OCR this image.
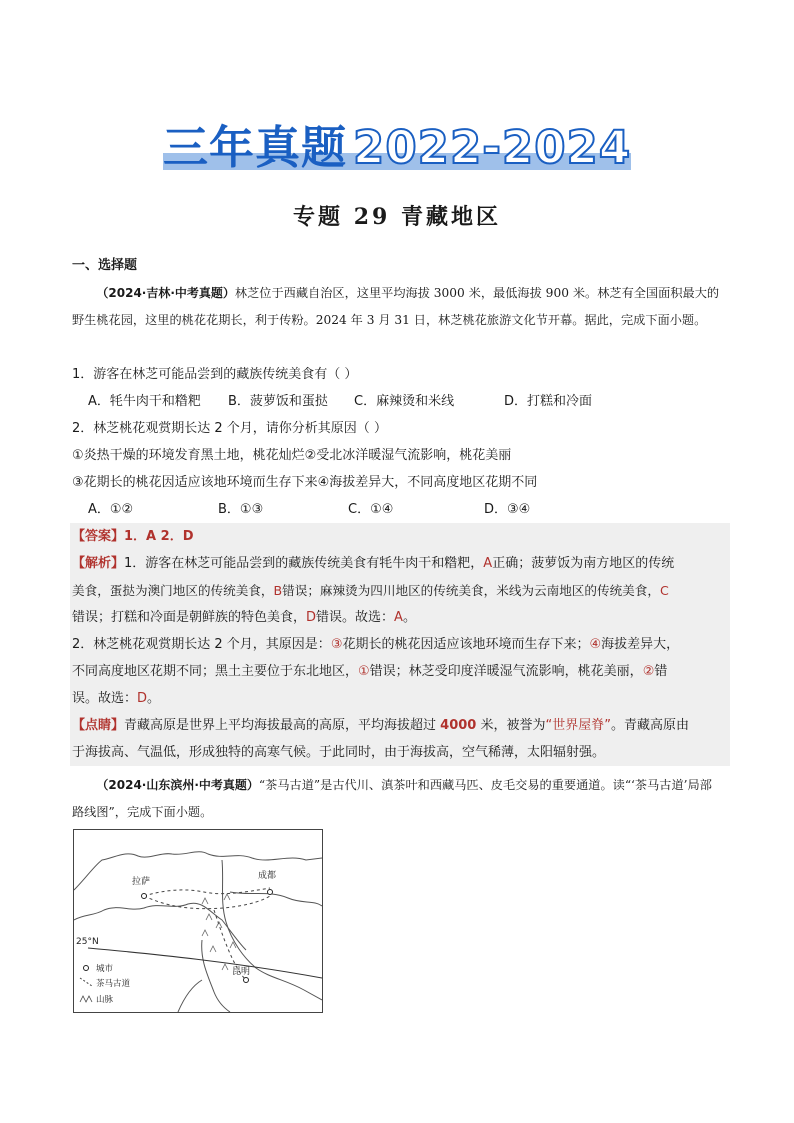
三年真题 2022-2024
专题 29 青藏地区
一、选择题
（2024·吉林·中考真题）林芝位于西藏自治区，这里平均海拔 3000 米，最低海拔 900 米。林芝有全国面积最大的野生桃花园，这里的桃花花期长，利于传粉。2024 年 3 月 31 日，林芝桃花旅游文化节开幕。据此，完成下面小题。
1．游客在林芝可能品尝到的藏族传统美食有（ ）
A．牦牛肉干和糌粑 B．菠萝饭和蛋挞 C．麻辣烫和米线	D．打糕和冷面
2．林芝桃花观赏期长达 2 个月，请你分析其原因（ ）
①炎热干燥的环境发育黑土地，桃花灿烂②受北冰洋暖湿气流影响，桃花美丽
③花期长的桃花因适应该地环境而生存下来④海拔差异大，不同高度地区花期不同
A．①②	B．①③	C．①④	D．③④
【答案】1．A 2．D
【解析】1．游客在林芝可能品尝到的藏族传统美食有牦牛肉干和糌粑，A正确；菠萝饭为南方地区的传统
美食，蛋挞为澳门地区的传统美食，B错误；麻辣烫为四川地区的传统美食，米线为云南地区的传统美食，C
错误；打糕和冷面是朝鲜族的特色美食，D错误。故选：A。
2．林芝桃花观赏期长达 2 个月，其原因是：③花期长的桃花因适应该地环境而生存下来；④海拔差异大，
不同高度地区花期不同；黑土主要位于东北地区，①错误；林芝受印度洋暖湿气流影响，桃花美丽，②错
误。故选：D。
【点睛】青藏高原是世界上平均海拔最高的高原，平均海拔超过 4000 米，被誉为“世界屋脊”。青藏高原由
于海拔高、气温低，形成独特的高寒气候。于此同时，由于海拔高，空气稀薄，太阳辐射强。
（2024·山东滨州·中考真题）“茶马古道”是古代川、滇茶叶和西藏马匹、皮毛交易的重要通道。读“‘茶马古道’局部路线图”，完成下面小题。
拉萨
成都
昆明
25°N
城市
茶马古道
山脉
